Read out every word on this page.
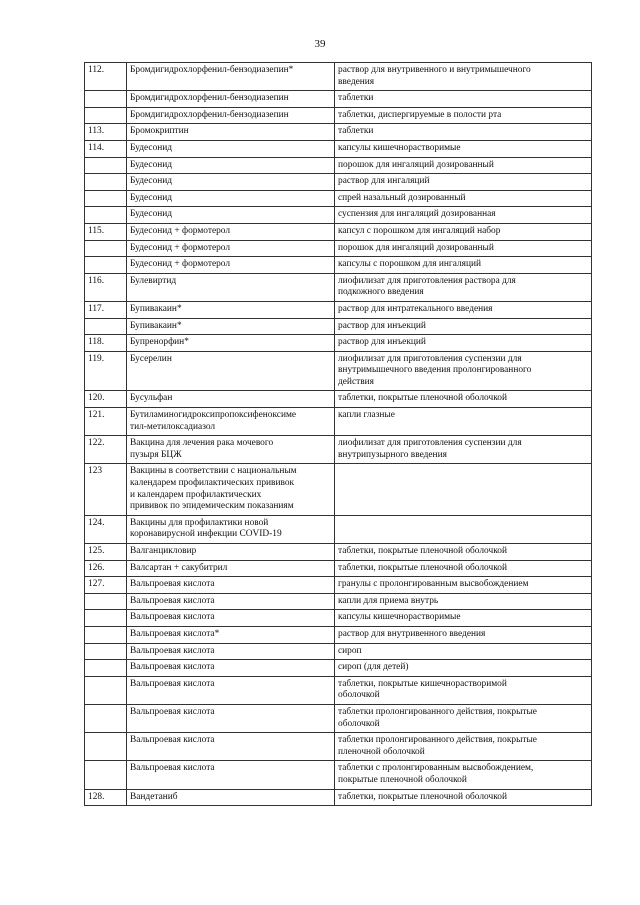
39
112.	Бромдигидрохлорфенил-бензодиазепин*	раствор для внутривенного и внутримышечного
введения
	Бромдигидрохлорфенил-бензодиазепин	таблетки
	Бромдигидрохлорфенил-бензодиазепин	таблетки, диспергируемые в полости рта
113.	Бромокриптин	таблетки
114.	Будесонид	капсулы кишечнорастворимые
	Будесонид	порошок для ингаляций дозированный
	Будесонид	раствор для ингаляций
	Будесонид	спрей назальный дозированный
	Будесонид	суспензия для ингаляций дозированная
115.	Будесонид + формотерол	капсул с порошком для ингаляций набор
	Будесонид + формотерол	порошок для ингаляций дозированный
	Будесонид + формотерол	капсулы с порошком для ингаляций
116.	Булевиртид	лиофилизат для приготовления раствора для
подкожного введения
117.	Бупивакаин*	раствор для интратекального введения
	Бупивакаин*	раствор для инъекций
118.	Бупренорфин*	раствор для инъекций
119.	Бусерелин	лиофилизат для приготовления суспензии для
внутримышечного введения пролонгированного
действия
120.	Бусульфан	таблетки, покрытые пленочной оболочкой
121.	Бутиламиногидроксипропоксифеноксиме
тил-метилоксадиазол	капли глазные
122.	Вакцина для лечения рака мочевого
пузыря БЦЖ	лиофилизат для приготовления суспензии для
внутрипузырного введения
123	Вакцины в соответствии с национальным
календарем профилактических прививок
и календарем профилактических
прививок по эпидемическим показаниям	
124.	Вакцины для профилактики новой
коронавирусной инфекции COVID-19	
125.	Валганцикловир	таблетки, покрытые пленочной оболочкой
126.	Валсартан + сакубитрил	таблетки, покрытые пленочной оболочкой
127.	Вальпроевая кислота	гранулы с пролонгированным высвобождением
	Вальпроевая кислота	капли для приема внутрь
	Вальпроевая кислота	капсулы кишечнорастворимые
	Вальпроевая кислота*	раствор для внутривенного введения
	Вальпроевая кислота	сироп
	Вальпроевая кислота	сироп (для детей)
	Вальпроевая кислота	таблетки, покрытые кишечнорастворимой
оболочкой
	Вальпроевая кислота	таблетки пролонгированного действия, покрытые
оболочкой
	Вальпроевая кислота	таблетки пролонгированного действия, покрытые
пленочной оболочкой
	Вальпроевая кислота	таблетки с пролонгированным высвобождением,
покрытые пленочной оболочкой
128.	Вандетаниб	таблетки, покрытые пленочной оболочкой
